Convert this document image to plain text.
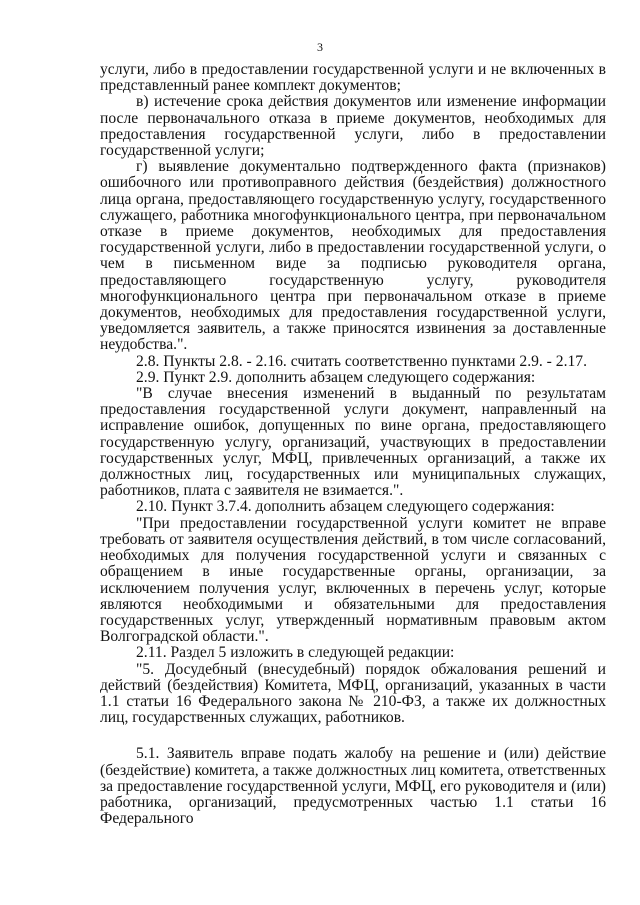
3

услуги, либо в предоставлении государственной услуги и не включенных в представленный ранее комплект документов;

в) истечение срока действия документов или изменение информации после первоначального отказа в приеме документов, необходимых для предоставления государственной услуги, либо в предоставлении государственной услуги;

г) выявление документально подтвержденного факта (признаков) ошибочного или противоправного действия (бездействия) должностного лица органа, предоставляющего государственную услугу, государственного служащего, работника многофункционального центра, при первоначальном отказе в приеме документов, необходимых для предоставления государственной услуги, либо в предоставлении государственной услуги, о чем в письменном виде за подписью руководителя органа, предоставляющего государственную услугу, руководителя многофункционального центра при первоначальном отказе в приеме документов, необходимых для предоставления государственной услуги, уведомляется заявитель, а также приносятся извинения за доставленные неудобства.".

2.8. Пункты 2.8. - 2.16. считать соответственно пунктами 2.9. - 2.17.

2.9. Пункт 2.9. дополнить абзацем следующего содержания:

"В случае внесения изменений в выданный по результатам предоставления государственной услуги документ, направленный на исправление ошибок, допущенных по вине органа, предоставляющего государственную услугу, организаций, участвующих в предоставлении государственных услуг, МФЦ, привлеченных организаций, а также их должностных лиц, государственных или муниципальных служащих, работников, плата с заявителя не взимается.".

2.10. Пункт 3.7.4. дополнить абзацем следующего содержания:

"При предоставлении государственной услуги комитет не вправе требовать от заявителя осуществления действий, в том числе согласований, необходимых для получения государственной услуги и связанных с обращением в иные государственные органы, организации, за исключением получения услуг, включенных в перечень услуг, которые являются необходимыми и обязательными для предоставления государственных услуг, утвержденный нормативным правовым актом Волгоградской области.".

2.11. Раздел 5 изложить в следующей редакции:

"5. Досудебный (внесудебный) порядок обжалования решений и действий (бездействия) Комитета, МФЦ, организаций, указанных в части 1.1 статьи 16 Федерального закона № 210-ФЗ, а также их должностных лиц, государственных служащих, работников.

5.1. Заявитель вправе подать жалобу на решение и (или) действие (бездействие) комитета, а также должностных лиц комитета, ответственных за предоставление государственной услуги, МФЦ, его руководителя и (или) работника, организаций, предусмотренных частью 1.1 статьи 16 Федерального
